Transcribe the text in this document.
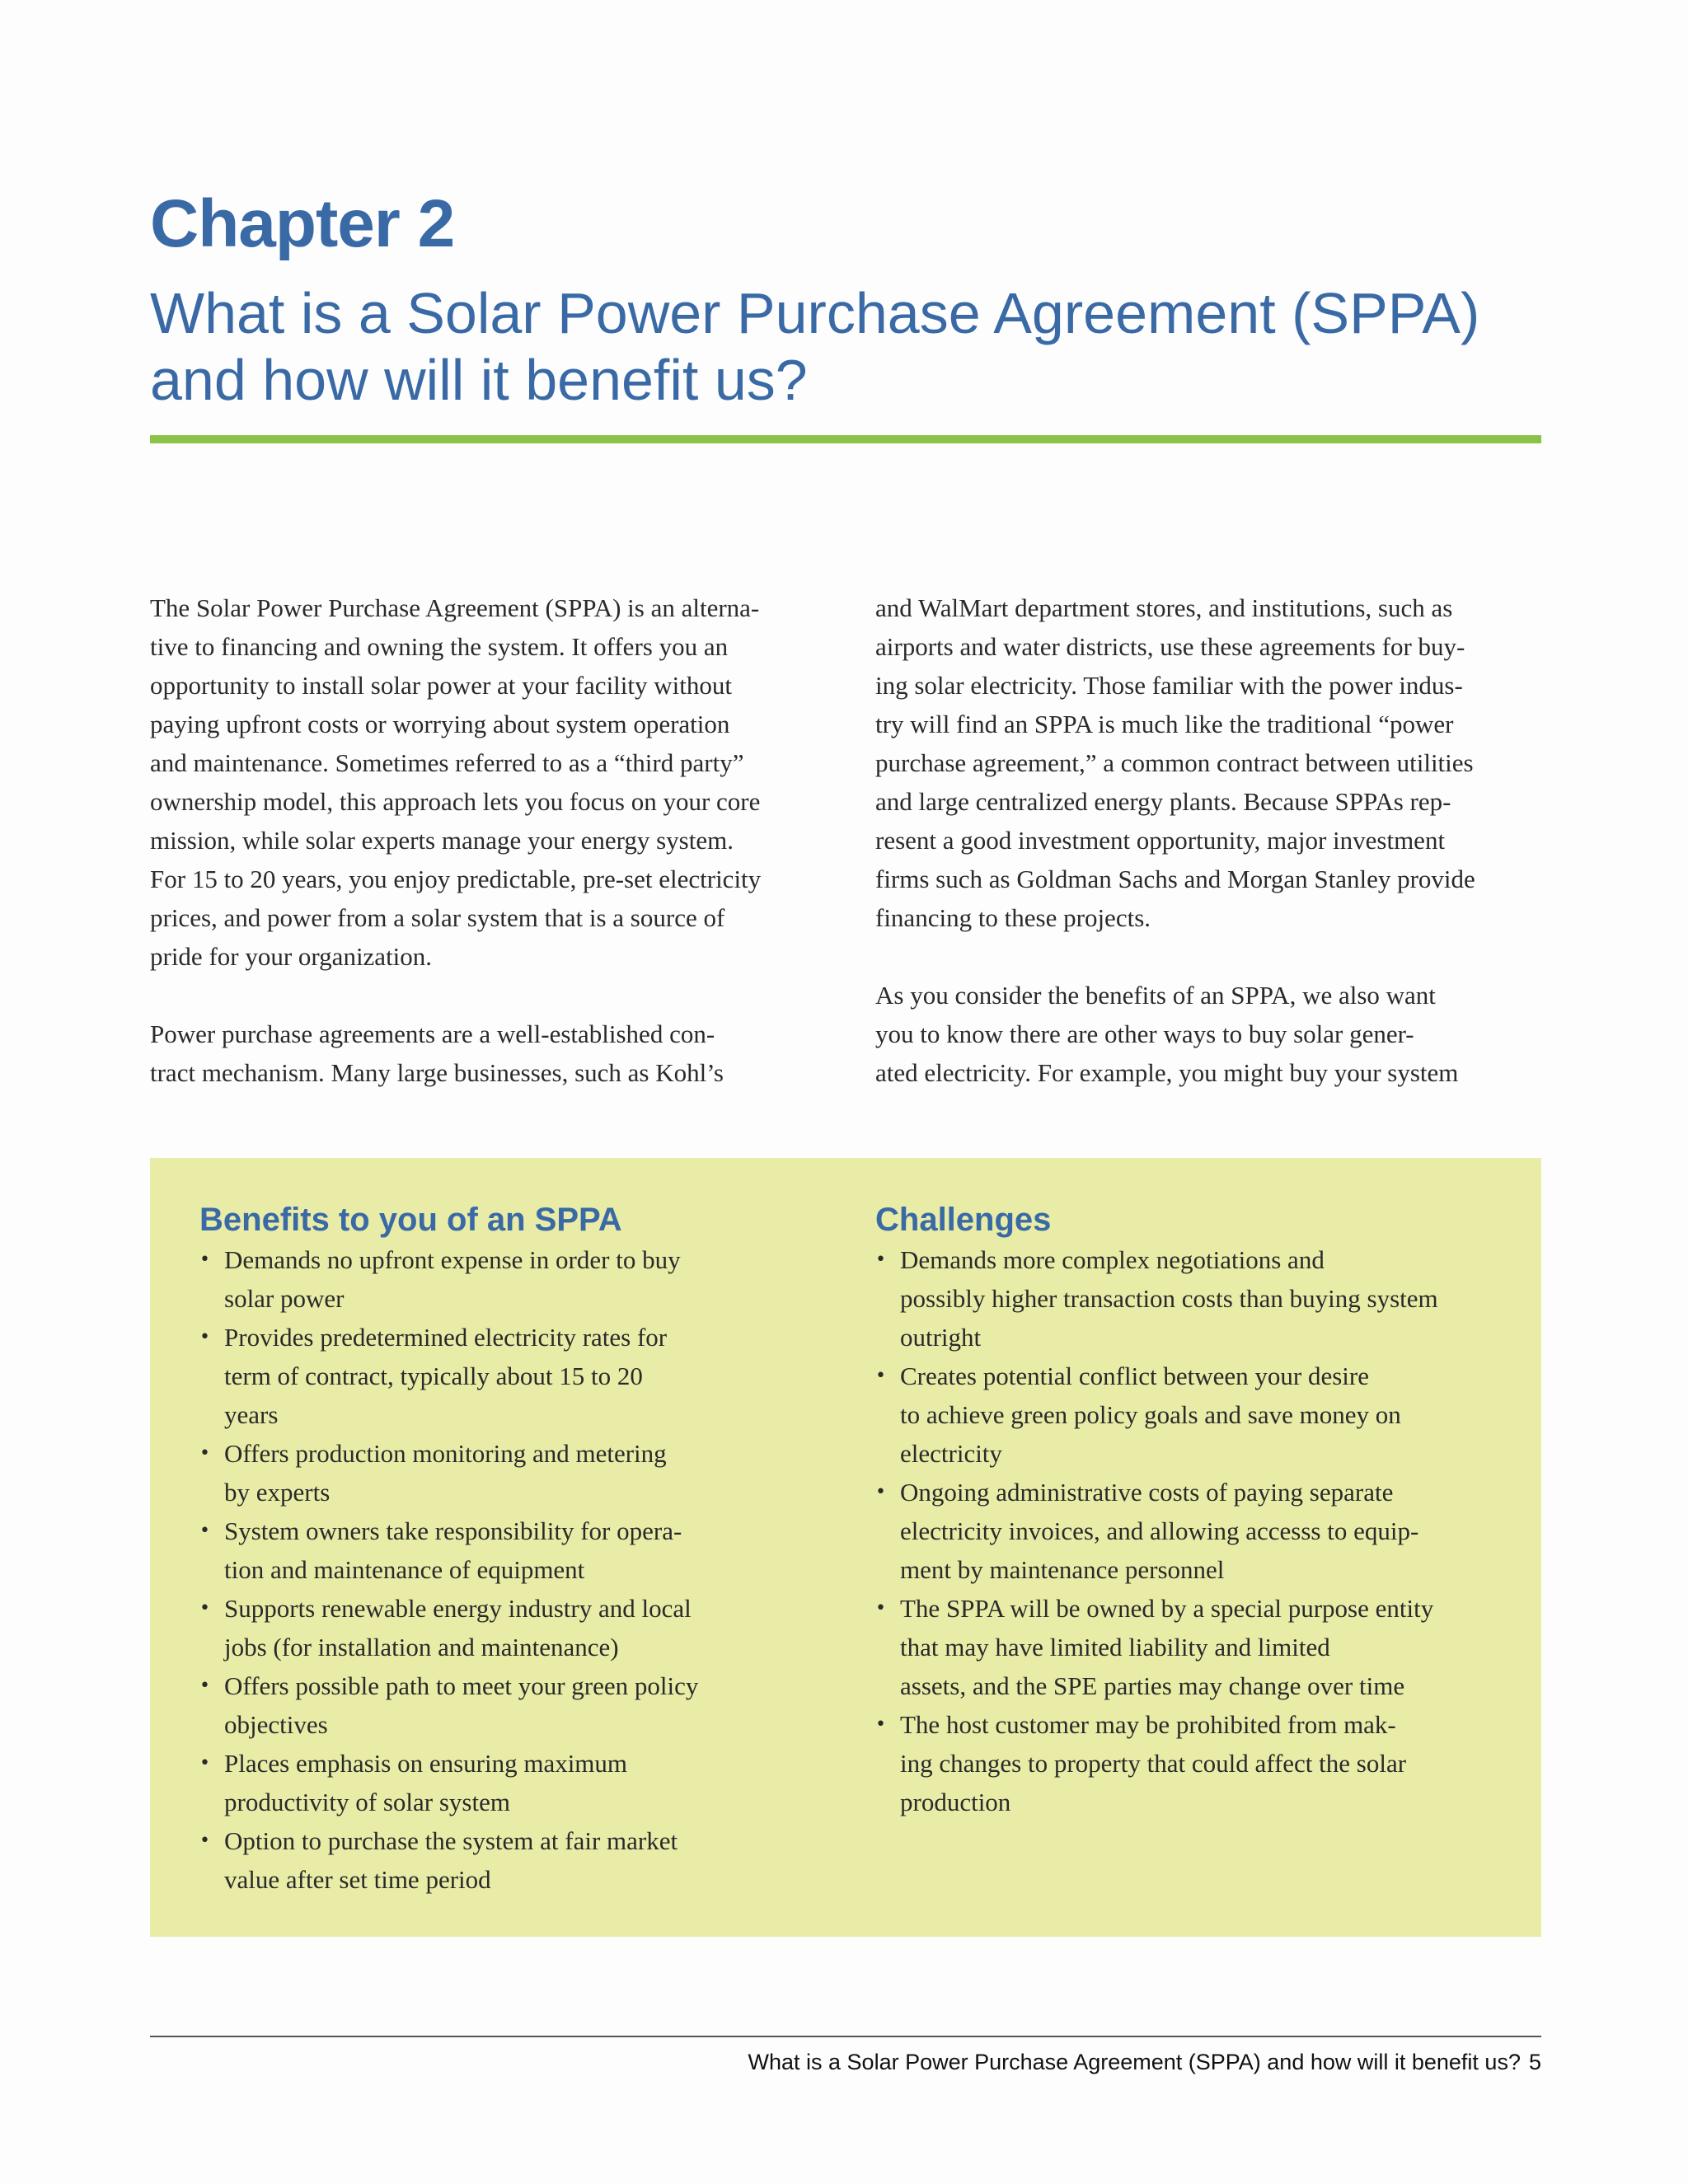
Chapter 2
What is a Solar Power Purchase Agreement (SPPA)
and how will it benefit us?

The Solar Power Purchase Agreement (SPPA) is an alterna-
tive to financing and owning the system. It offers you an
opportunity to install solar power at your facility without
paying upfront costs or worrying about system operation
and maintenance. Sometimes referred to as a “third party”
ownership model, this approach lets you focus on your core
mission, while solar experts manage your energy system.
For 15 to 20 years, you enjoy predictable, pre-set electricity
prices, and power from a solar system that is a source of
pride for your organization.

Power purchase agreements are a well-established con-
tract mechanism. Many large businesses, such as Kohl’s

and WalMart department stores, and institutions, such as
airports and water districts, use these agreements for buy-
ing solar electricity. Those familiar with the power indus-
try will find an SPPA is much like the traditional “power
purchase agreement,” a common contract between utilities
and large centralized energy plants. Because SPPAs rep-
resent a good investment opportunity, major investment
firms such as Goldman Sachs and Morgan Stanley provide
financing to these projects.

As you consider the benefits of an SPPA, we also want
you to know there are other ways to buy solar gener-
ated electricity. For example, you might buy your system

Benefits to you of an SPPA
• Demands no upfront expense in order to buy
solar power
• Provides predetermined electricity rates for
term of contract, typically about 15 to 20
years
• Offers production monitoring and metering
by experts
• System owners take responsibility for opera-
tion and maintenance of equipment
• Supports renewable energy industry and local
jobs (for installation and maintenance)
• Offers possible path to meet your green policy
objectives
• Places emphasis on ensuring maximum
productivity of solar system
• Option to purchase the system at fair market
value after set time period
Challenges
• Demands more complex negotiations and
possibly higher transaction costs than buying system
outright
• Creates potential conflict between your desire
to achieve green policy goals and save money on
electricity
• Ongoing administrative costs of paying separate
electricity invoices, and allowing accesss to equip-
ment by maintenance personnel
• The SPPA will be owned by a special purpose entity
that may have limited liability and limited
assets, and the SPE parties may change over time
• The host customer may be prohibited from mak-
ing changes to property that could affect the solar
production
What is a Solar Power Purchase Agreement (SPPA) and how will it benefit us? 5
